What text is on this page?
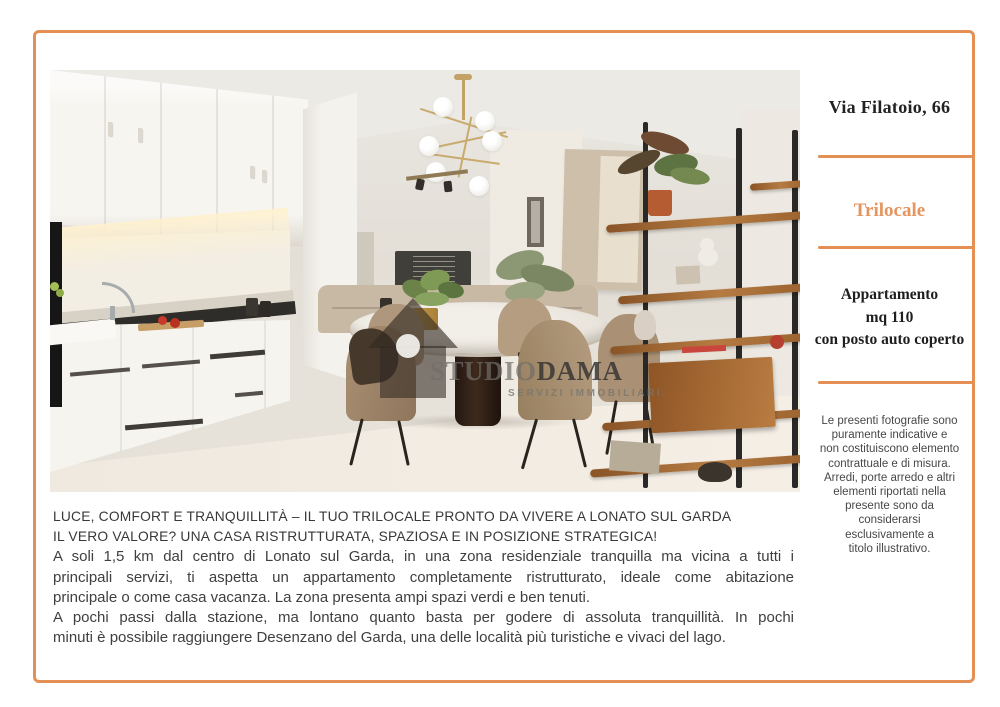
STUDIODAMA
SERVIZI IMMOBILIARI.
Via Filatoio, 66
Trilocale
Appartamento
mq 110
con posto auto coperto
Le presenti fotografie sono
puramente indicative e
non costituiscono elemento
contrattuale e di misura.
Arredi, porte arredo e altri
elementi riportati nella
presente sono da
considerarsi
esclusivamente a
titolo illustrativo.
LUCE, COMFORT E TRANQUILLITÀ – IL TUO TRILOCALE PRONTO DA VIVERE A LONATO SUL GARDA
IL VERO VALORE? UNA CASA RISTRUTTURATA, SPAZIOSA E IN POSIZIONE STRATEGICA!
A soli 1,5 km dal centro di Lonato sul Garda, in una zona residenziale tranquilla ma vicina a tutti i
principali servizi, ti aspetta un appartamento completamente ristrutturato, ideale come abitazione
principale o come casa vacanza. La zona presenta ampi spazi verdi e ben tenuti.
A pochi passi dalla stazione, ma lontano quanto basta per godere di assoluta tranquillità. In pochi
minuti è possibile raggiungere Desenzano del Garda, una delle località più turistiche e vivaci del lago.
